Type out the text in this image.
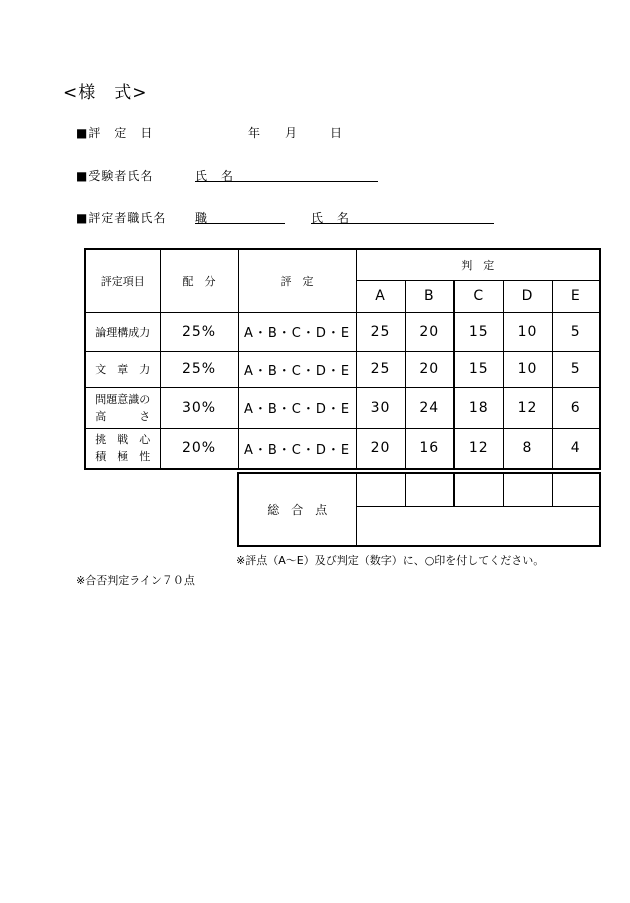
<様　式>
■評　定　日	年 月	日
■受験者氏名	氏　名
■評定者職氏名 職	氏　名
評定項目	配　分	評　定	判　定				
			A	B	C	D	E
論理構成力	25%	A・B・C・D・E	25	20	15	10	5
文　章　力	25%	A・B・C・D・E	25	20	15	10	5

問題意識の
高　　　さ	30%	A・B・C・D・E	30	24	18	12	6

挑　戦　心
積　極　性	20%	A・B・C・D・E	20	16	12	8	4
総　合　点					

※評点（A〜E）及び判定（数字）に、○印を付してください。
※合否判定ライン７０点
